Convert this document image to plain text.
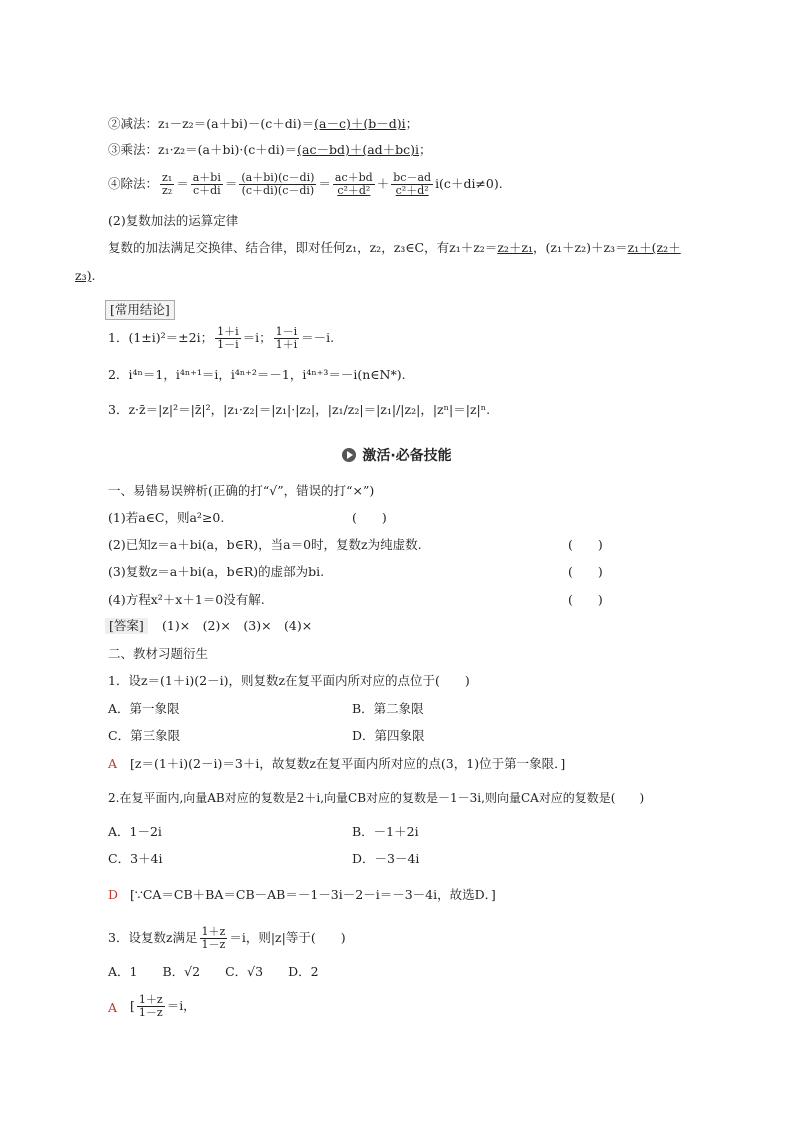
②减法：z₁－z₂＝(a＋bi)－(c＋di)＝(a－c)＋(b－d)i；
③乘法：z₁·z₂＝(a＋bi)·(c＋di)＝(ac－bd)＋(ad＋bc)i；
④除法： $\frac{\text{z₁}}{\text{z₂}} = \frac{a+bi}{c+di} = \frac{(a+bi)(c-di)}{(c+di)(c-di)} = \frac{ac+bd}{\text{c²＋d²}} + \frac{bc-ad}{\text{c²＋d²}} i(c+di\ne 0)$.
(2)复数加法的运算定律
复数的加法满足交换律、结合律，即对任何z₁，z₂，z₃∈C，有z₁＋z₂＝z₂＋z₁，(z₁＋z₂)＋z₃＝z₁＋(z₂＋
z₃).
[常用结论]
1．(1±i)²＝±2i； $\frac{1+i}{1-i} =i$； $\frac{1-i}{1+i} =-i$.
2．i⁴ⁿ＝1，i⁴ⁿ⁺¹＝i，i⁴ⁿ⁺²＝－1，i⁴ⁿ⁺³＝－i(n∈N*).
3．z·z̄＝|z|²＝|z̄|²，|z₁·z₂|＝|z₁|·|z₂|，|z₁/z₂|＝|z₁|/|z₂|，|zⁿ|＝|z|ⁿ.
激活·必备技能
一、易错易误辨析(正确的打“√”，错误的打“×”)
(1)若a∈C，则a²≥0.	(　　)
(2)已知z＝a＋bi(a，b∈R)，当a＝0时，复数z为纯虚数.	(　　)
(3)复数z＝a＋bi(a，b∈R)的虚部为bi.	(　　)
(4)方程x²＋x＋1＝0没有解.	(　　)
[答案]	(1)×　(2)×　(3)×　(4)×
二、教材习题衍生
1．设z＝(1＋i)(2－i)，则复数z在复平面内所对应的点位于(　　)
A．第一象限	B．第二象限
C．第三象限	D．第四象限
A [z＝(1＋i)(2－i)＝3＋i，故复数z在复平面内所对应的点(3，1)位于第一象限．]
2.在复平面内,向量AB对应的复数是2＋i,向量CB对应的复数是－1－3i,则向量CA对应的复数是(　　)
A．1－2i	B．－1＋2i
C．3＋4i	D．－3－4i
D [∵CA＝CB＋BA＝CB－AB＝－1－3i－2－i＝－3－4i，故选D．]
3．设复数z满足 $\frac{1+z}{1-z} =i$，则|z|等于(　　)
A．1　　B．√2　　C．√3　　D．2
A [ $\frac{1+z}{1-z} =i$，
